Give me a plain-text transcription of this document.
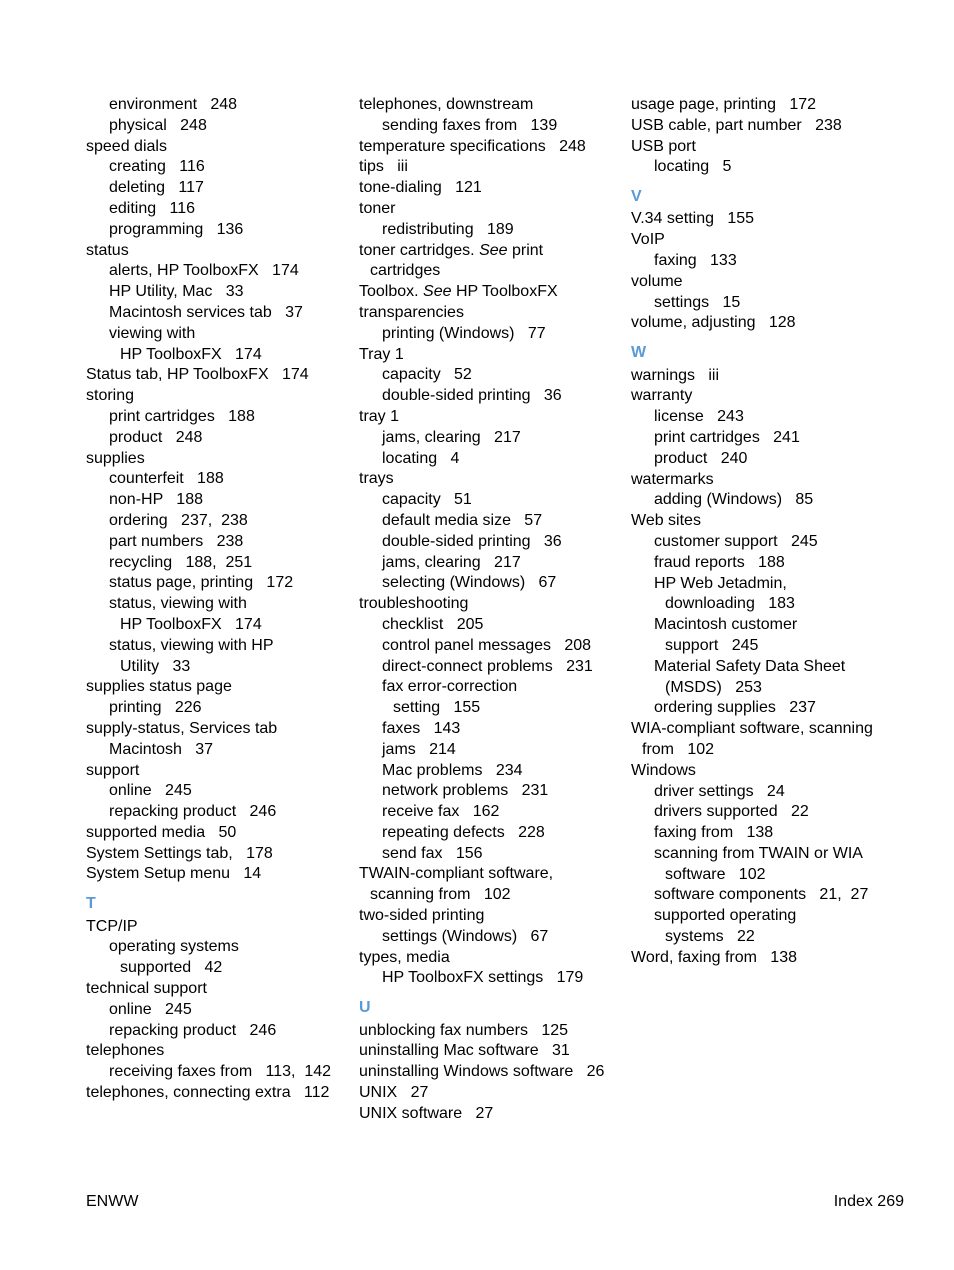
environment   248
physical   248
speed dials
creating   116
deleting   117
editing   116
programming   136
status
alerts, HP ToolboxFX   174
HP Utility, Mac   33
Macintosh services tab   37
viewing with
HP ToolboxFX   174
Status tab, HP ToolboxFX   174
storing
print cartridges   188
product   248
supplies
counterfeit   188
non-HP   188
ordering   237,  238
part numbers   238
recycling   188,  251
status page, printing   172
status, viewing with
HP ToolboxFX   174
status, viewing with HP
Utility   33
supplies status page
printing   226
supply-status, Services tab
Macintosh   37
support
online   245
repacking product   246
supported media   50
System Settings tab,   178
System Setup menu   14
T
TCP/IP
operating systems
supported   42
technical support
online   245
repacking product   246
telephones
receiving faxes from   113,  142
telephones, connecting extra   112
telephones, downstream
sending faxes from   139
temperature specifications   248
tips   iii
tone-dialing   121
toner
redistributing   189
toner cartridges. See print
cartridges
Toolbox. See HP ToolboxFX
transparencies
printing (Windows)   77
Tray 1
capacity   52
double-sided printing   36
tray 1
jams, clearing   217
locating   4
trays
capacity   51
default media size   57
double-sided printing   36
jams, clearing   217
selecting (Windows)   67
troubleshooting
checklist   205
control panel messages   208
direct-connect problems   231
fax error-correction
setting   155
faxes   143
jams   214
Mac problems   234
network problems   231
receive fax   162
repeating defects   228
send fax   156
TWAIN-compliant software,
scanning from   102
two-sided printing
settings (Windows)   67
types, media
HP ToolboxFX settings   179
U
unblocking fax numbers   125
uninstalling Mac software   31
uninstalling Windows software   26
UNIX   27
UNIX software   27
usage page, printing   172
USB cable, part number   238
USB port
locating   5
V
V.34 setting   155
VoIP
faxing   133
volume
settings   15
volume, adjusting   128
W
warnings   iii
warranty
license   243
print cartridges   241
product   240
watermarks
adding (Windows)   85
Web sites
customer support   245
fraud reports   188
HP Web Jetadmin,
downloading   183
Macintosh customer
support   245
Material Safety Data Sheet
(MSDS)   253
ordering supplies   237
WIA-compliant software, scanning
from   102
Windows
driver settings   24
drivers supported   22
faxing from   138
scanning from TWAIN or WIA
software   102
software components   21,  27
supported operating
systems   22
Word, faxing from   138
ENWW	Index 269
